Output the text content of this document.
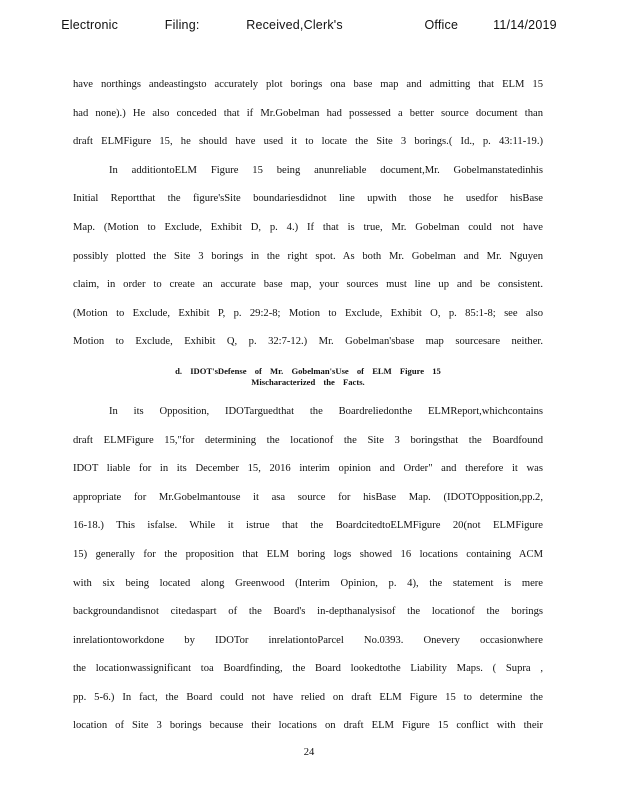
Electronic    Filing:    Received,Clerk's       Office   11/14/2019
have northings andeastingsto accurately plot borings ona base map and admitting that ELM 15
had none).) He also conceded that if Mr.Gobelman had possessed a better source document than
draft ELMFigure 15, he should have used it to locate the Site 3 borings.( Id., p. 43:11-19.)
In additiontoELM Figure 15 being anunreliable document,Mr. Gobelmanstatedinhis
Initial Reportthat the figure'sSite boundariesdidnot line upwith those he usedfor hisBase
Map. (Motion to Exclude, Exhibit D, p. 4.) If that is true, Mr. Gobelman could not have
possibly plotted the Site 3 borings in the right spot. As both Mr. Gobelman and Mr. Nguyen
claim, in order to create an accurate base map, your sources must line up and be consistent.
(Motion to Exclude, Exhibit P, p. 29:2-8; Motion to Exclude, Exhibit O, p. 85:1-8; see also
Motion to Exclude, Exhibit Q, p. 32:7-12.) Mr. Gobelman'sbase map sourcesare neither.
d. IDOT'sDefense of Mr. Gobelman'sUse of ELM Figure 15
Mischaracterized the Facts.
In its Opposition, IDOTarguedthat the Boardreliedonthe ELMReport,whichcontains
draft ELMFigure 15,"for determining the locationof the Site 3 boringsthat the Boardfound
IDOT liable for in its December 15, 2016 interim opinion and Order" and therefore it was
appropriate for Mr.Gobelmantouse it asa source for hisBase Map. (IDOTOpposition,pp.2,
16-18.) This isfalse. While it istrue that the BoardcitedtoELMFigure 20(not ELMFigure
15) generally for the proposition that ELM boring logs showed 16 locations containing ACM
with six being located along Greenwood (Interim Opinion, p. 4), the statement is mere
backgroundandisnot citedaspart of the Board's in-depthanalysisof the locationof the borings
inrelationtoworkdone by IDOTor inrelationtoParcel No.0393. Onevery occasionwhere
the locationwassignificant toa Boardfinding, the Board lookedtothe Liability Maps. ( Supra ,
pp. 5-6.) In fact, the Board could not have relied on draft ELM Figure 15 to determine the
location of Site 3 borings because their locations on draft ELM Figure 15 conflict with their
24
